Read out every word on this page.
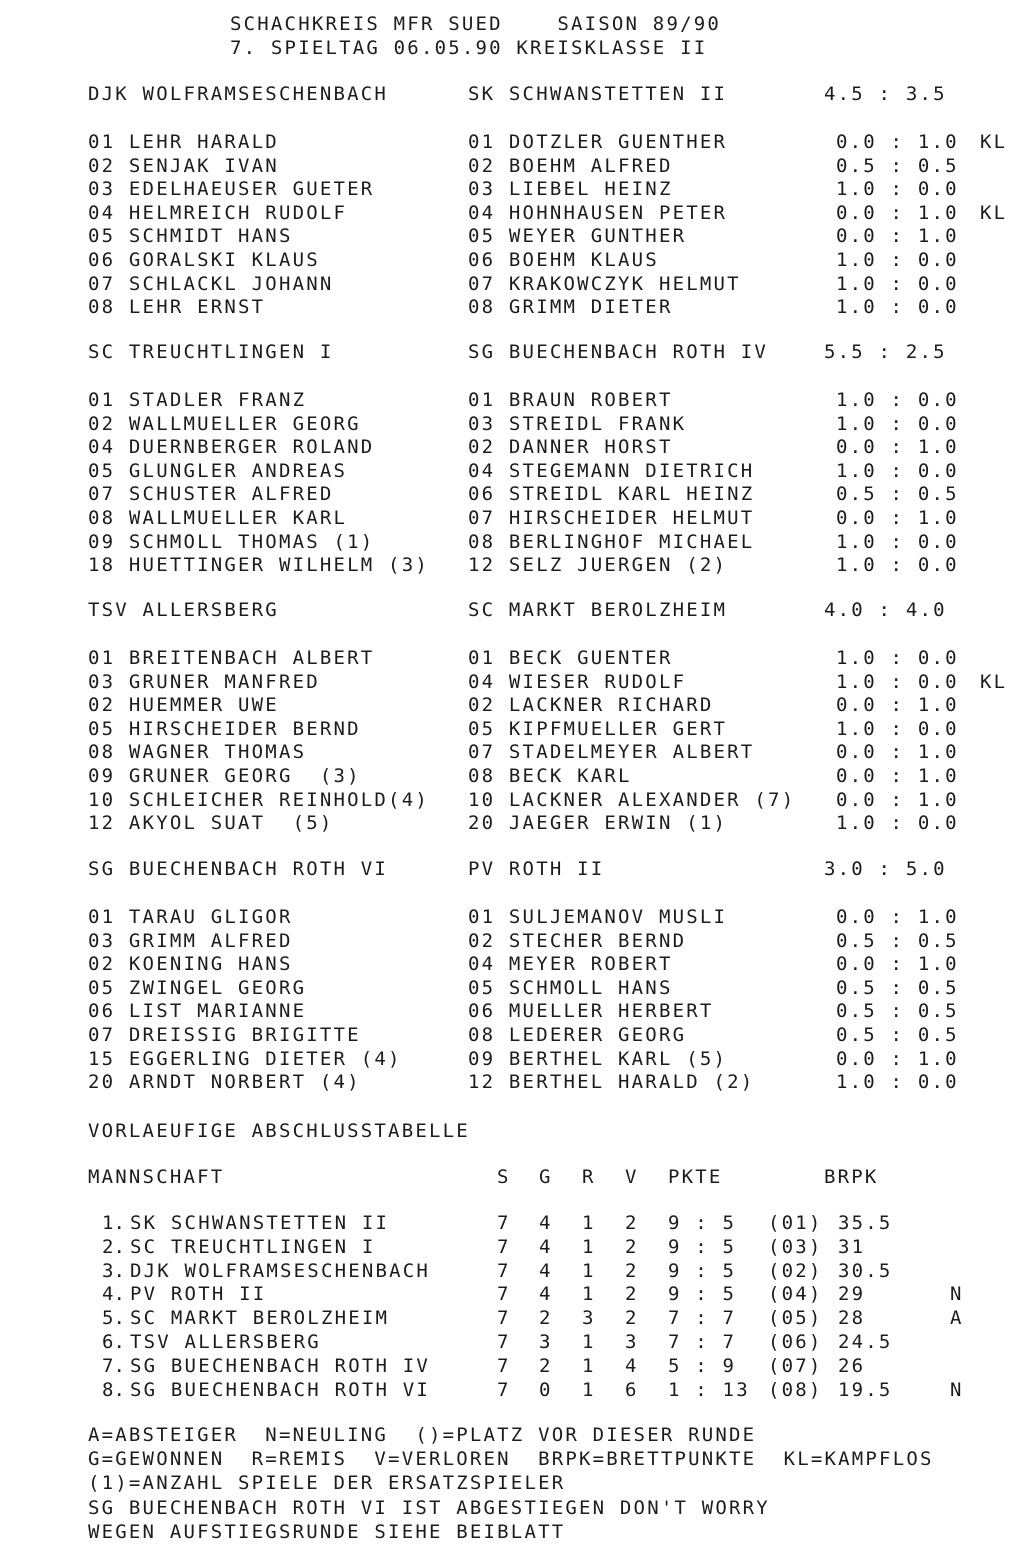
SCHACHKREIS MFR SUED    SAISON 89/90
7. SPIELTAG 06.05.90 KREISKLASSE II
DJK WOLFRAMSESCHENBACH	SK SCHWANSTETTEN II	4.5 : 3.5
01 LEHR HARALD	01 DOTZLER GUENTHER	0.0 : 1.0 KL
02 SENJAK IVAN	02 BOEHM ALFRED	0.5 : 0.5
03 EDELHAEUSER GUETER	03 LIEBEL HEINZ	1.0 : 0.0
04 HELMREICH RUDOLF	04 HOHNHAUSEN PETER	0.0 : 1.0 KL
05 SCHMIDT HANS	05 WEYER GUNTHER	0.0 : 1.0
06 GORALSKI KLAUS	06 BOEHM KLAUS	1.0 : 0.0
07 SCHLACKL JOHANN	07 KRAKOWCZYK HELMUT	1.0 : 0.0
08 LEHR ERNST	08 GRIMM DIETER	1.0 : 0.0
SC TREUCHTLINGEN I	SG BUECHENBACH ROTH IV	5.5 : 2.5
01 STADLER FRANZ	01 BRAUN ROBERT	1.0 : 0.0
02 WALLMUELLER GEORG	03 STREIDL FRANK	1.0 : 0.0
04 DUERNBERGER ROLAND	02 DANNER HORST	0.0 : 1.0
05 GLUNGLER ANDREAS	04 STEGEMANN DIETRICH	1.0 : 0.0
07 SCHUSTER ALFRED	06 STREIDL KARL HEINZ	0.5 : 0.5
08 WALLMUELLER KARL	07 HIRSCHEIDER HELMUT	0.0 : 1.0
09 SCHMOLL THOMAS (1)	08 BERLINGHOF MICHAEL	1.0 : 0.0
18 HUETTINGER WILHELM (3) 12 SELZ JUERGEN (2)	1.0 : 0.0
TSV ALLERSBERG	SC MARKT BEROLZHEIM	4.0 : 4.0
01 BREITENBACH ALBERT	01 BECK GUENTER	1.0 : 0.0
03 GRUNER MANFRED	04 WIESER RUDOLF	1.0 : 0.0 KL
02 HUEMMER UWE	02 LACKNER RICHARD	0.0 : 1.0
05 HIRSCHEIDER BERND	05 KIPFMUELLER GERT	1.0 : 0.0
08 WAGNER THOMAS	07 STADELMEYER ALBERT	0.0 : 1.0
09 GRUNER GEORG  (3)	08 BECK KARL	0.0 : 1.0
10 SCHLEICHER REINHOLD(4) 10 LACKNER ALEXANDER (7) 0.0 : 1.0
12 AKYOL SUAT  (5)	20 JAEGER ERWIN (1)	1.0 : 0.0
SG BUECHENBACH ROTH VI	PV ROTH II	3.0 : 5.0
01 TARAU GLIGOR	01 SULJEMANOV MUSLI	0.0 : 1.0
03 GRIMM ALFRED	02 STECHER BERND	0.5 : 0.5
02 KOENING HANS	04 MEYER ROBERT	0.0 : 1.0
05 ZWINGEL GEORG	05 SCHMOLL HANS	0.5 : 0.5
06 LIST MARIANNE	06 MUELLER HERBERT	0.5 : 0.5
07 DREISSIG BRIGITTE	08 LEDERER GEORG	0.5 : 0.5
15 EGGERLING DIETER (4)	09 BERTHEL KARL (5)	0.0 : 1.0
20 ARNDT NORBERT (4)	12 BERTHEL HARALD (2)	1.0 : 0.0
VORLAEUFIGE ABSCHLUSSTABELLE
MANNSCHAFT	S G R V PKTE	BRPK
1. SK SCHWANSTETTEN II	7 4 1 2 9 : 5 (01) 35.5
2. SC TREUCHTLINGEN I	7 4 1 2 9 : 5 (03) 31
3. DJK WOLFRAMSESCHENBACH	7 4 1 2 9 : 5 (02) 30.5
4. PV ROTH II	7 4 1 2 9 : 5 (04) 29	N
5. SC MARKT BEROLZHEIM	7 2 3 2 7 : 7 (05) 28	A
6. TSV ALLERSBERG	7 3 1 3 7 : 7 (06) 24.5
7. SG BUECHENBACH ROTH IV	7 2 1 4 5 : 9 (07) 26
8. SG BUECHENBACH ROTH VI	7 0 1 6 1 : 13 (08) 19.5	N
A=ABSTEIGER  N=NEULING  ()=PLATZ VOR DIESER RUNDE
G=GEWONNEN  R=REMIS  V=VERLOREN  BRPK=BRETTPUNKTE  KL=KAMPFLOS
(1)=ANZAHL SPIELE DER ERSATZSPIELER
SG BUECHENBACH ROTH VI IST ABGESTIEGEN DON'T WORRY
WEGEN AUFSTIEGSRUNDE SIEHE BEIBLATT
